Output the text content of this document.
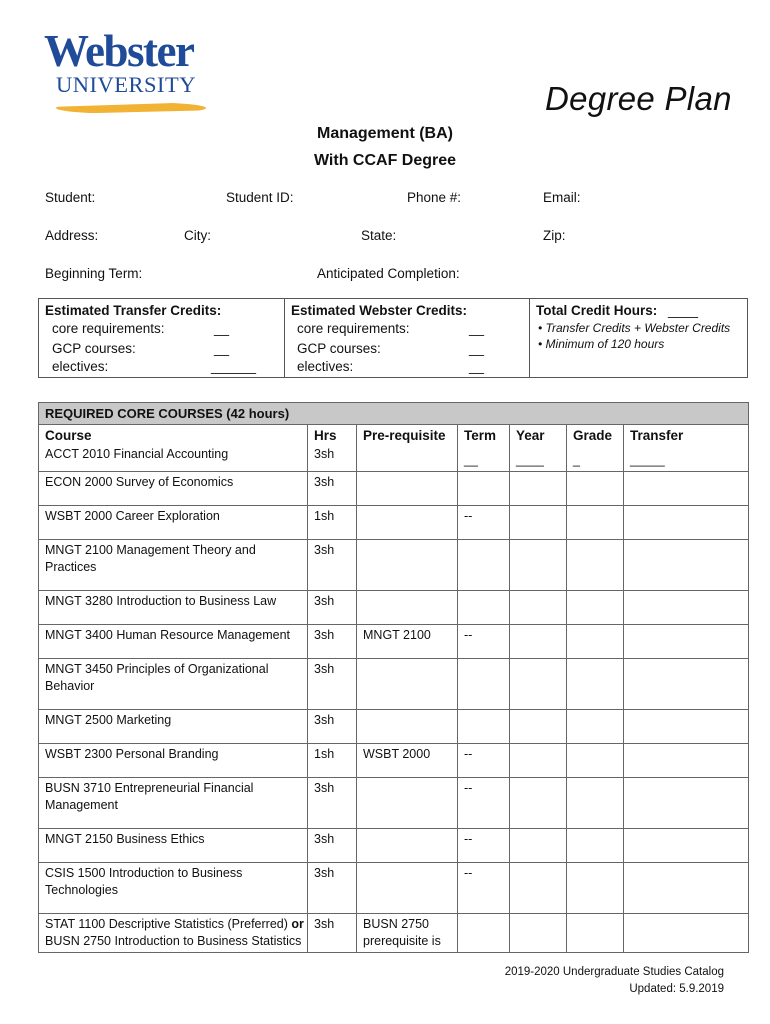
Webster
UNIVERSITY	Degree Plan
Management (BA)
With CCAF Degree
Student:	Student ID:	Phone #:	Email:
Address:	City:	State:	Zip:
Beginning Term:	Anticipated Completion:
Estimated Transfer Credits:
core requirements:	__
GCP courses:	__
electives:	______
Estimated Webster Credits:
core requirements:	__
GCP courses:	__
electives:	__
Total Credit Hours: ____
• Transfer Credits + Webster Credits
• Minimum of 120 hours
REQUIRED CORE COURSES (42 hours)						
Course	Hrs	Pre-requisite	Term	Year	Grade	Transfer
ACCT 2010 Financial Accounting	3sh		__	____	_	_____
ECON 2000 Survey of Economics	3sh					
WSBT 2000 Career Exploration	1sh		--			
MNGT 2100 Management Theory and Practices	3sh					
MNGT 3280 Introduction to Business Law	3sh					
MNGT 3400 Human Resource Management	3sh	MNGT 2100	--			
MNGT 3450 Principles of Organizational Behavior	3sh					
MNGT 2500 Marketing	3sh					
WSBT 2300 Personal Branding	1sh	WSBT 2000	--			
BUSN 3710 Entrepreneurial Financial Management	3sh		--			
MNGT 2150 Business Ethics	3sh		--			
CSIS 1500 Introduction to Business Technologies	3sh		--			
STAT 1100 Descriptive Statistics (Preferred) or
BUSN 2750 Introduction to Business Statistics	3sh	BUSN 2750 prerequisite is				
2019-2020 Undergraduate Studies Catalog
Updated: 5.9.2019
